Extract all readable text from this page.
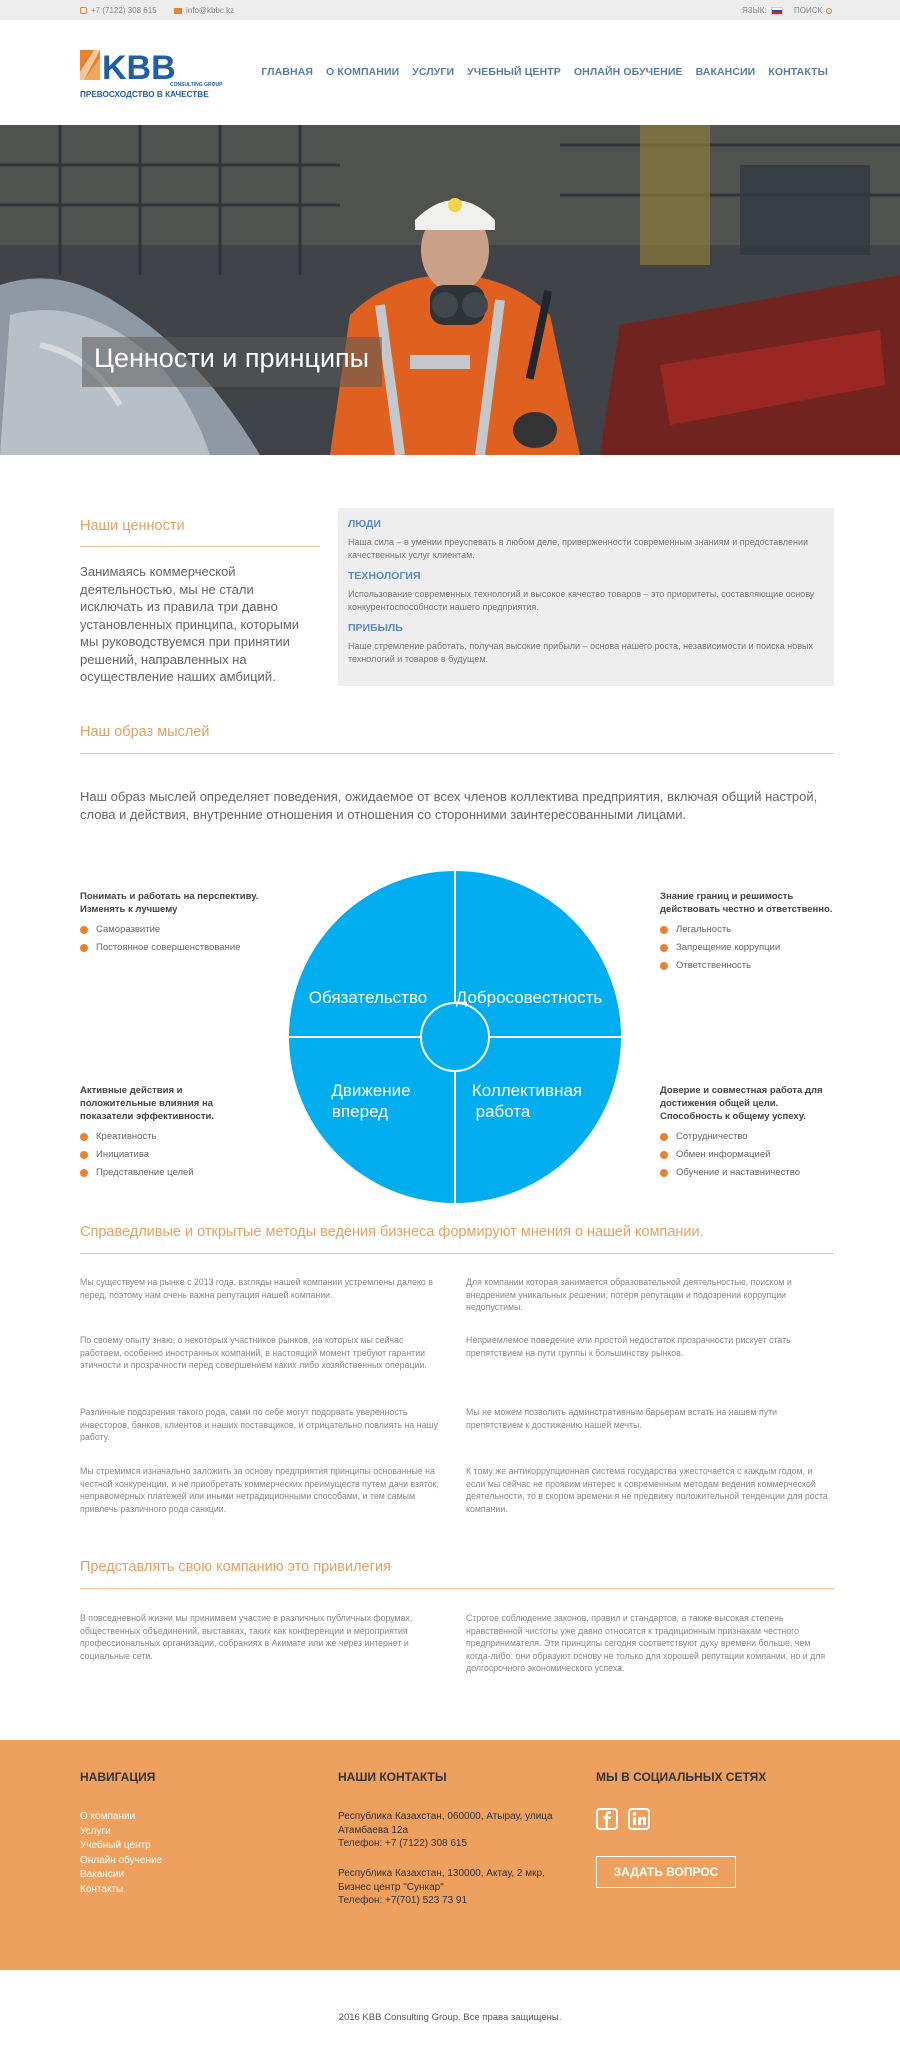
+7 (7122) 308 615	info@kbbc.kz	ЯЗЫК:	ПОИСК
KBB
CONSULTING GROUP
ПРЕВОСХОДСТВО В КАЧЕСТВЕ
ГЛАВНАЯ О КОМПАНИИ УСЛУГИ УЧЕБНЫЙ ЦЕНТР ОНЛАЙН ОБУЧЕНИЕ ВАКАНСИИ КОНТАКТЫ
Ценности и принципы
Наши ценности
Занимаясь коммерческой деятельностью, мы не стали исключать из правила три давно установленных принципа, которыми мы руководствуемся при принятии решений, направленных на осуществление наших амбиций.
ЛЮДИ
Наша сила – в умении преуспевать в любом деле, приверженности современным знаниям и предоставлении качественных услуг клиентам.
ТЕХНОЛОГИЯ
Использование современных технологий и высокое качество товаров – это приоритеты, составляющие основу конкурентоспособности нашего предприятия.
ПРИБЫЛЬ
Наше стремление работать, получая высокие прибыли – основа нашего роста, независимости и поиска новых технологий и товаров в будущем.
Наш образ мыслей
Наш образ мыслей определяет поведения, ожидаемое от всех членов коллектива предприятия, включая общий настрой, слова и действия, внутренние отношения и отношения со сторонними заинтересованными лицами.
Обязательство Добросовестность
Движение
вперед
Коллективная
работа
Понимать и работать на перспективу. Изменять к лучшему
Саморазвитие
Постоянное совершенствование
Знание границ и решимость действовать честно и ответственно.
Легальность
Запрещение коррупции
Ответственность
Активные действия и положительные влияния на показатели эффективности.
Креативность
Инициатива
Представление целей
Доверие и совместная работа для достижения общей цели. Способность к общему успеху.
Сотрудничество
Обмен информацией
Обучение и наставничество
Справедливые и открытые методы ведения бизнеса формируют мнения о нашей компании.
Мы существуем на рынке с 2013 года, взгляды нашей компании устремлены далеко в перед, поэтому нам очень важна репутация нашей компании.
По своему опыту знаю, о некоторых участников рынков, на которых мы сейчас работаем, особенно иностранных компаний, в настоящий момент требуют гарантии этичности и прозрачности перед совершением каких либо хозяйственных операции.
Различные подозрения такого рода, сами по себе могут подорвать уверенность инвесторов, банков, клиентов и наших поставщиков, и отрицательно повлиять на нашу работу.
Мы стремимся изначально заложить за основу предприятия принципы основанные на честной конкуренции, и не приобретать коммерческих преимуществ путем дачи взяток, неправомерных платежей или иными нетрадиционными способами, и тем самым привлечь различного рода санкции.
Для компании которая занимается образовательной деятельностью, поиском и внедрением уникальных решении, потеря репутации и подозрении коррупции недопустимы.
Неприемлемое поведение или простой недостаток прозрачности рискует стать препятствием на пути группы к большинству рынков.
Мы не можем позволить админстративным барьерам встать на нашем пути препятствием к достижению нашей мечты.
К тому же антикоррупционная система государства ужесточается с каждым годом, и если мы сейчас не проявим интерес к современным методам ведения коммерческой деятельности, то в скором времени я не предвижу положительной тенденции для роста компании.
Представлять свою компанию это привилегия
В повседневной жизни мы принимаем участие в различных публичных форумах, общественных объединений, выставках, таких как конференции и мероприятия профессиональных организации, собраниях в Акимате или же через интернет и социальные сети.
Строгое соблюдение законов, правил и стандартов, а также высокая степень нравственной чистоты уже давно относятся к традиционным признакам честного предпринимателя. Эти принципы сегодня соответствуют духу времени больше, чем когда-либо, они образуют основу не только для хорошей репутации компании, но и для долгосрочного экономического успеха.
НАВИГАЦИЯ
О компании
Услуги
Учебный центр
Онлайн обучение
Вакансии
Контакты
НАШИ КОНТАКТЫ
Республика Казахстан, 060000, Атырау, улица Атамбаева 12а
Телефон: +7 (7122) 308 615
Республика Казахстан, 130000, Актау, 2 мкр, Бизнес центр "Сункар"
Телефон: +7(701) 523 73 91
МЫ В СОЦИАЛЬНЫХ СЕТЯХ
ЗАДАТЬ ВОПРОС
2016 KBB Consulting Group. Все права защищены.
